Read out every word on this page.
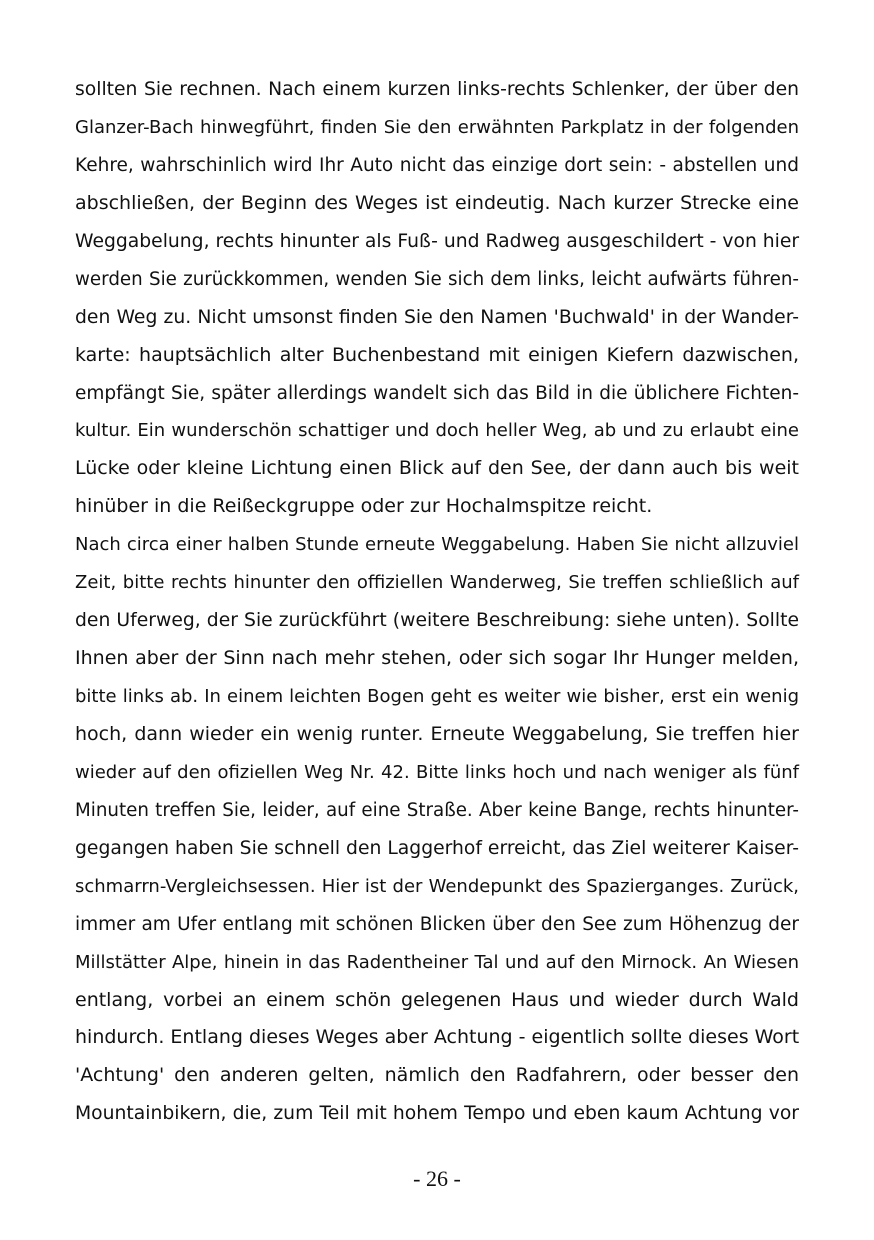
sollten Sie rechnen. Nach einem kurzen links-rechts Schlenker, der über den
Glanzer-Bach hinwegführt, finden Sie den erwähnten Parkplatz in der folgenden
Kehre, wahrschinlich wird Ihr Auto nicht das einzige dort sein: - abstellen und
abschließen, der Beginn des Weges ist eindeutig. Nach kurzer Strecke eine
Weggabelung, rechts hinunter als Fuß- und Radweg ausgeschildert - von hier
werden Sie zurückkommen, wenden Sie sich dem links, leicht aufwärts führen-
den Weg zu. Nicht umsonst finden Sie den Namen 'Buchwald' in der Wander-
karte: hauptsächlich alter Buchenbestand mit einigen Kiefern dazwischen,
empfängt Sie, später allerdings wandelt sich das Bild in die üblichere Fichten-
kultur. Ein wunderschön schattiger und doch heller Weg, ab und zu erlaubt eine
Lücke oder kleine Lichtung einen Blick auf den See, der dann auch bis weit
hinüber in die Reißeckgruppe oder zur Hochalmspitze reicht.
Nach circa einer halben Stunde erneute Weggabelung. Haben Sie nicht allzuviel
Zeit, bitte rechts hinunter den offiziellen Wanderweg, Sie treffen schließlich auf
den Uferweg, der Sie zurückführt (weitere Beschreibung: siehe unten). Sollte
Ihnen aber der Sinn nach mehr stehen, oder sich sogar Ihr Hunger melden,
bitte links ab. In einem leichten Bogen geht es weiter wie bisher, erst ein wenig
hoch, dann wieder ein wenig runter. Erneute Weggabelung, Sie treffen hier
wieder auf den ofiziellen Weg Nr. 42. Bitte links hoch und nach weniger als fünf
Minuten treffen Sie, leider, auf eine Straße. Aber keine Bange, rechts hinunter-
gegangen haben Sie schnell den Laggerhof erreicht, das Ziel weiterer Kaiser-
schmarrn-Vergleichsessen. Hier ist der Wendepunkt des Spazierganges. Zurück,
immer am Ufer entlang mit schönen Blicken über den See zum Höhenzug der
Millstätter Alpe, hinein in das Radentheiner Tal und auf den Mirnock. An Wiesen
entlang, vorbei an einem schön gelegenen Haus und wieder durch Wald
hindurch. Entlang dieses Weges aber Achtung - eigentlich sollte dieses Wort
'Achtung' den anderen gelten, nämlich den Radfahrern, oder besser den
Mountainbikern, die, zum Teil mit hohem Tempo und eben kaum Achtung vor
- 26 -
